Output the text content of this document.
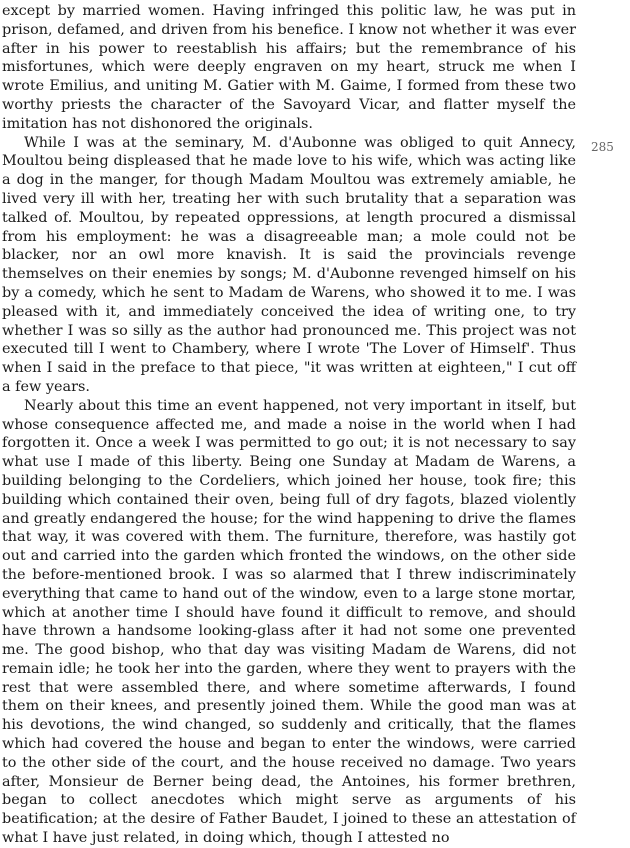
except by married women. Having infringed this politic law, he was put in prison, defamed, and driven from his benefice. I know not whether it was ever after in his power to reestablish his affairs; but the remembrance of his misfortunes, which were deeply engraven on my heart, struck me when I wrote Emilius, and uniting M. Gatier with M. Gaime, I formed from these two worthy priests the character of the Savoyard Vicar, and flatter myself the imitation has not dishonored the originals.

While I was at the seminary, M. d'Aubonne was obliged to quit Annecy, Moultou being displeased that he made love to his wife, which was acting like a dog in the manger, for though Madam Moultou was extremely amiable, he lived very ill with her, treating her with such brutality that a separation was talked of. Moultou, by repeated oppressions, at length procured a dismissal from his employment: he was a disagreeable man; a mole could not be blacker, nor an owl more knavish. It is said the provincials revenge themselves on their enemies by songs; M. d'Aubonne revenged himself on his by a comedy, which he sent to Madam de Warens, who showed it to me. I was pleased with it, and immediately conceived the idea of writing one, to try whether I was so silly as the author had pronounced me. This project was not executed till I went to Chambery, where I wrote 'The Lover of Himself'. Thus when I said in the preface to that piece, "it was written at eighteen," I cut off a few years.

Nearly about this time an event happened, not very important in itself, but whose consequence affected me, and made a noise in the world when I had forgotten it. Once a week I was permitted to go out; it is not necessary to say what use I made of this liberty. Being one Sunday at Madam de Warens, a building belonging to the Cordeliers, which joined her house, took fire; this building which contained their oven, being full of dry fagots, blazed violently and greatly endangered the house; for the wind happening to drive the flames that way, it was covered with them. The furniture, therefore, was hastily got out and carried into the garden which fronted the windows, on the other side the before-mentioned brook. I was so alarmed that I threw indiscriminately everything that came to hand out of the window, even to a large stone mortar, which at another time I should have found it difficult to remove, and should have thrown a handsome looking-glass after it had not some one prevented me. The good bishop, who that day was visiting Madam de Warens, did not remain idle; he took her into the garden, where they went to prayers with the rest that were assembled there, and where sometime afterwards, I found them on their knees, and presently joined them. While the good man was at his devotions, the wind changed, so suddenly and critically, that the flames which had covered the house and began to enter the windows, were carried to the other side of the court, and the house received no damage. Two years after, Monsieur de Berner being dead, the Antoines, his former brethren, began to collect anecdotes which might serve as arguments of his beatification; at the desire of Father Baudet, I joined to these an attestation of what I have just related, in doing which, though I attested no

285
